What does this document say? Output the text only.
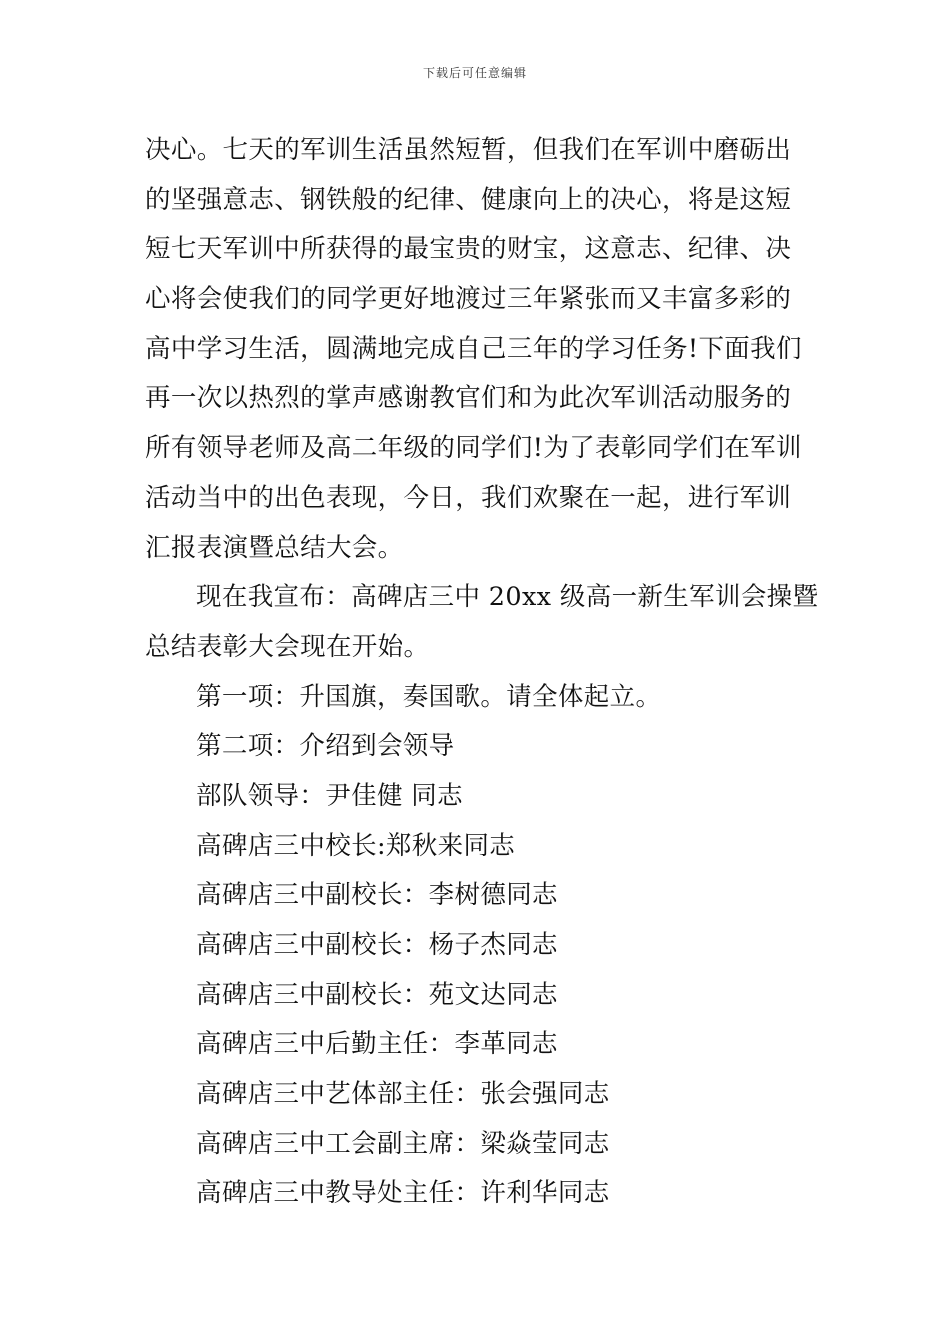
下载后可任意编辑
决心。七天的军训生活虽然短暂，但我们在军训中磨砺出
的坚强意志、钢铁般的纪律、健康向上的决心，将是这短
短七天军训中所获得的最宝贵的财宝，这意志、纪律、决
心将会使我们的同学更好地渡过三年紧张而又丰富多彩的
高中学习生活，圆满地完成自己三年的学习任务!下面我们
再一次以热烈的掌声感谢教官们和为此次军训活动服务的
所有领导老师及高二年级的同学们!为了表彰同学们在军训
活动当中的出色表现，今日，我们欢聚在一起，进行军训
汇报表演暨总结大会。
现在我宣布：高碑店三中 20xx 级高一新生军训会操暨
总结表彰大会现在开始。
第一项：升国旗，奏国歌。请全体起立。
第二项：介绍到会领导
部队领导：尹佳健 同志
高碑店三中校长:郑秋来同志
高碑店三中副校长：李树德同志
高碑店三中副校长：杨子杰同志
高碑店三中副校长：苑文达同志
高碑店三中后勤主任：李革同志
高碑店三中艺体部主任：张会强同志
高碑店三中工会副主席：梁焱莹同志
高碑店三中教导处主任：许利华同志
